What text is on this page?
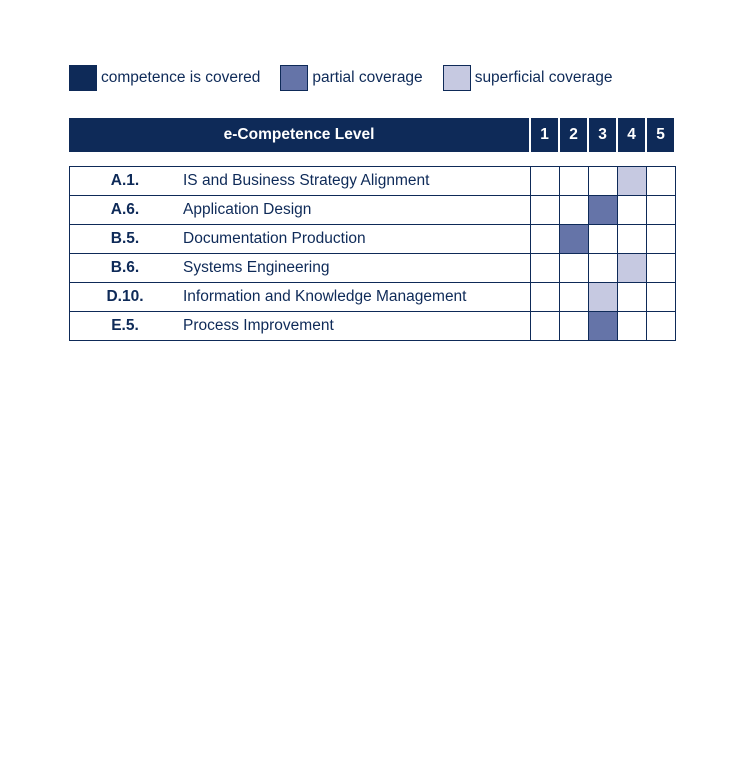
competence is covered	partial coverage	superficial coverage
e-Competence Level	1	2	3	4	5
A.1. IS and Business Strategy Alignment					
A.6. Application Design					
B.5. Documentation Production					
B.6. Systems Engineering					
D.10. Information and Knowledge Management					
E.5. Process Improvement					
